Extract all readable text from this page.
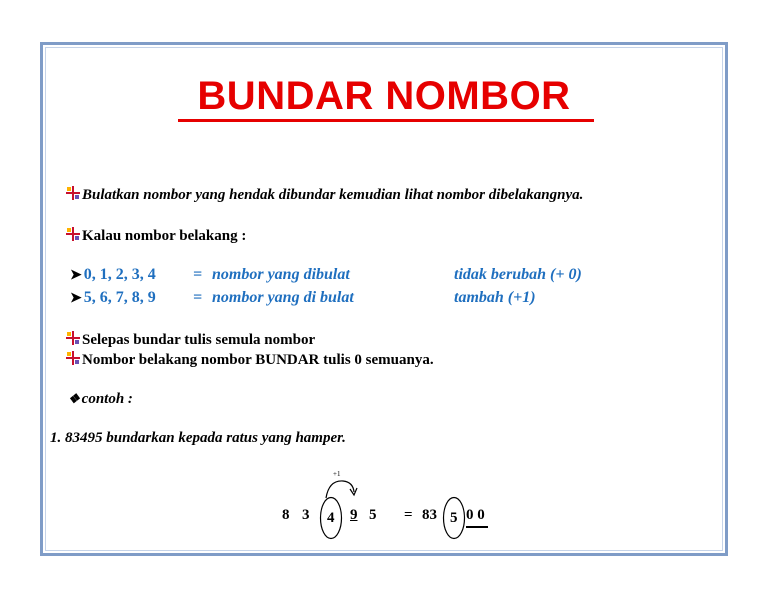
BUNDAR NOMBOR
Bulatkan nombor yang hendak dibundar kemudian lihat nombor dibelakangnya.
Kalau nombor belakang :
➤ 0, 1, 2, 3, 4 = nombor yang dibulat	tidak berubah (+ 0)
➤ 5, 6, 7, 8, 9 = nombor yang di bulat	tambah (+1)
Selepas bundar tulis semula nombor
Nombor belakang nombor BUNDAR tulis 0 semuanya.
❖ contoh :
1. 83495 bundarkan kepada ratus yang hamper.
+1
8 3 4 9 5 = 83 5 0 0
